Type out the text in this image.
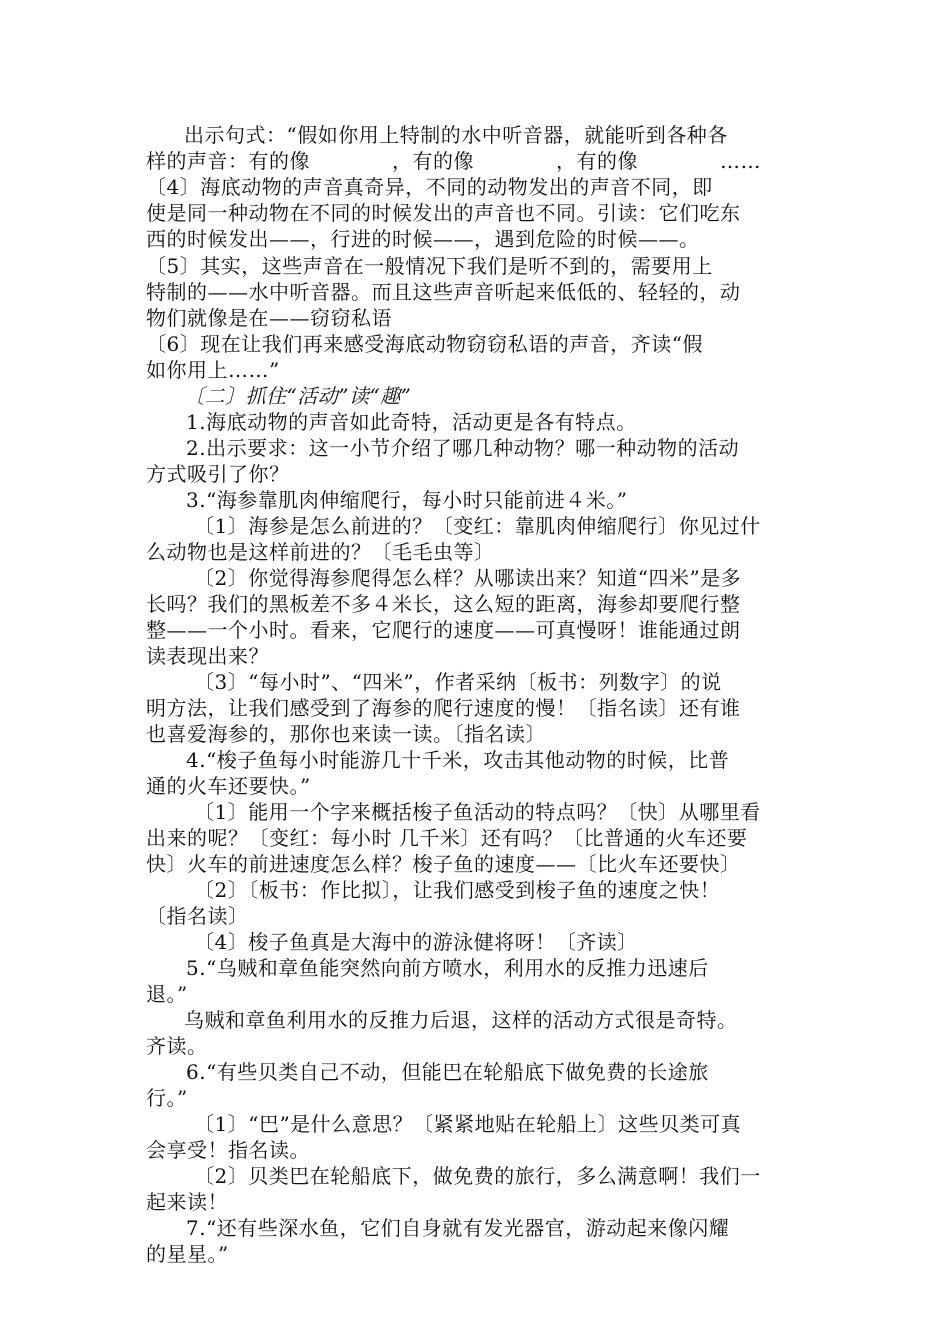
出示句式：“假如你用上特制的水中听音器，就能听到各种各
样的声音：有的像　　　　，有的像　　　　，有的像　　　　……
〔4〕海底动物的声音真奇异，不同的动物发出的声音不同，即
使是同一种动物在不同的时候发出的声音也不同。引读：它们吃东
西的时候发出——，行进的时候——，遇到危险的时候——。
〔5〕其实，这些声音在一般情况下我们是听不到的，需要用上
特制的——水中听音器。而且这些声音听起来低低的、轻轻的，动
物们就像是在——窃窃私语
〔6〕现在让我们再来感受海底动物窃窃私语的声音，齐读“假
如你用上……”
〔二〕抓住“活动”读“趣”
1.海底动物的声音如此奇特，活动更是各有特点。
2.出示要求：这一小节介绍了哪几种动物？哪一种动物的活动
方式吸引了你？
3.“海参靠肌肉伸缩爬行，每小时只能前进４米。”
〔1〕海参是怎么前进的？〔变红：靠肌肉伸缩爬行〕你见过什
么动物也是这样前进的？〔毛毛虫等〕
〔2〕你觉得海参爬得怎么样？从哪读出来？知道“四米”是多
长吗？我们的黑板差不多４米长，这么短的距离，海参却要爬行整
整——一个小时。看来，它爬行的速度——可真慢呀！谁能通过朗
读表现出来？
〔3〕“每小时”、“四米”，作者采纳〔板书：列数字〕的说
明方法，让我们感受到了海参的爬行速度的慢！〔指名读〕还有谁
也喜爱海参的，那你也来读一读。〔指名读〕
4.“梭子鱼每小时能游几十千米，攻击其他动物的时候，比普
通的火车还要快。”
〔1〕能用一个字来概括梭子鱼活动的特点吗？〔快〕从哪里看
出来的呢？〔变红：每小时 几千米〕还有吗？〔比普通的火车还要
快〕火车的前进速度怎么样？梭子鱼的速度——〔比火车还要快〕
〔2〕〔板书：作比拟〕，让我们感受到梭子鱼的速度之快！
〔指名读〕
〔4〕梭子鱼真是大海中的游泳健将呀！〔齐读〕
5.“乌贼和章鱼能突然向前方喷水，利用水的反推力迅速后
退。”
乌贼和章鱼利用水的反推力后退，这样的活动方式很是奇特。
齐读。
6.“有些贝类自己不动，但能巴在轮船底下做免费的长途旅
行。”
〔1〕“巴”是什么意思？〔紧紧地贴在轮船上〕这些贝类可真
会享受！指名读。
〔2〕贝类巴在轮船底下，做免费的旅行，多么满意啊！我们一
起来读！
7.“还有些深水鱼，它们自身就有发光器官，游动起来像闪耀
的星星。”
